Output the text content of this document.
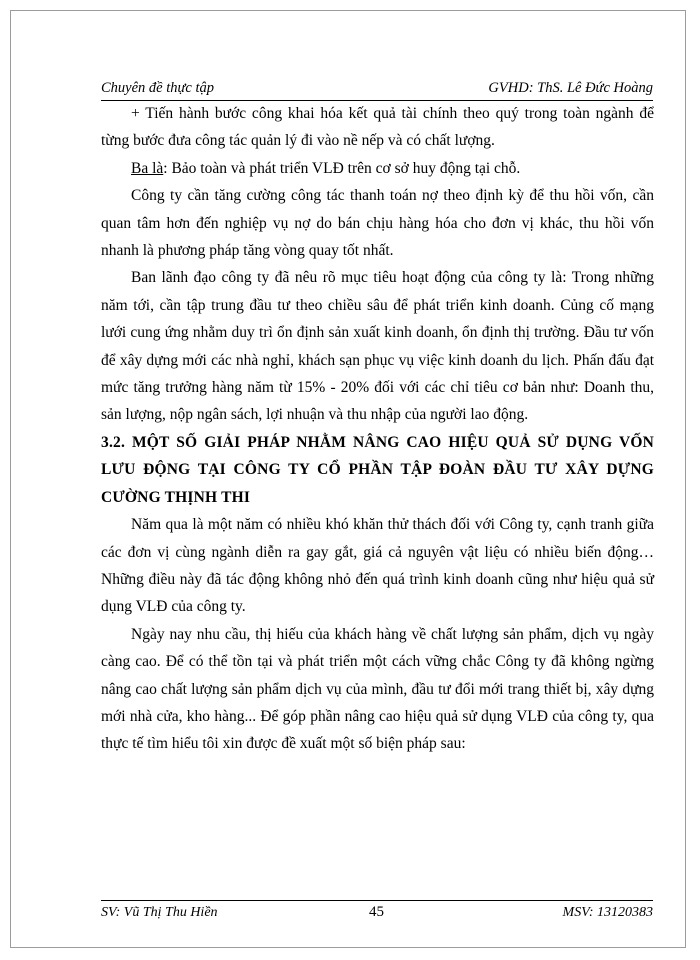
Chuyên đề thực tập	GVHD: ThS. Lê Đức Hoàng

+ Tiến hành bước công khai hóa kết quả tài chính theo quý trong toàn ngành để từng bước đưa công tác quản lý đi vào nề nếp và có chất lượng.

Ba là: Bảo toàn và phát triển VLĐ trên cơ sở huy động tại chỗ.

Công ty cần tăng cường công tác thanh toán nợ theo định kỳ để thu hồi vốn, cần quan tâm hơn đến nghiệp vụ nợ do bán chịu hàng hóa cho đơn vị khác, thu hồi vốn nhanh là phương pháp tăng vòng quay tốt nhất.

Ban lãnh đạo công ty đã nêu rõ mục tiêu hoạt động của công ty là: Trong những năm tới, cần tập trung đầu tư theo chiều sâu để phát triển kinh doanh. Củng cố mạng lưới cung ứng nhằm duy trì ổn định sản xuất kinh doanh, ổn định thị trường. Đầu tư vốn để xây dựng mới các nhà nghỉ, khách sạn phục vụ việc kinh doanh du lịch. Phấn đấu đạt mức tăng trưởng hàng năm từ 15% - 20% đối với các chỉ tiêu cơ bản như: Doanh thu, sản lượng, nộp ngân sách, lợi nhuận và thu nhập của người lao động.

3.2. MỘT SỐ GIẢI PHÁP NHẰM NÂNG CAO HIỆU QUẢ SỬ DỤNG VỐN LƯU ĐỘNG TẠI CÔNG TY CỔ PHẦN TẬP ĐOÀN ĐẦU TƯ XÂY DỰNG CƯỜNG THỊNH THI

Năm qua là một năm có nhiều khó khăn thử thách đối với Công ty, cạnh tranh giữa các đơn vị cùng ngành diễn ra gay gắt, giá cả nguyên vật liệu có nhiều biến động… Những điều này đã tác động không nhỏ đến quá trình kinh doanh cũng như hiệu quả sử dụng VLĐ của công ty.

Ngày nay nhu cầu, thị hiếu của khách hàng về chất lượng sản phẩm, dịch vụ ngày càng cao. Để có thể tồn tại và phát triển một cách vững chắc Công ty đã không ngừng nâng cao chất lượng sản phẩm dịch vụ của mình, đầu tư đổi mới trang thiết bị, xây dựng mới nhà cửa, kho hàng... Để góp phần nâng cao hiệu quả sử dụng VLĐ của công ty, qua thực tế tìm hiểu tôi xin được đề xuất một số biện pháp sau:

SV: Vũ Thị Thu Hiền	45	MSV: 13120383
